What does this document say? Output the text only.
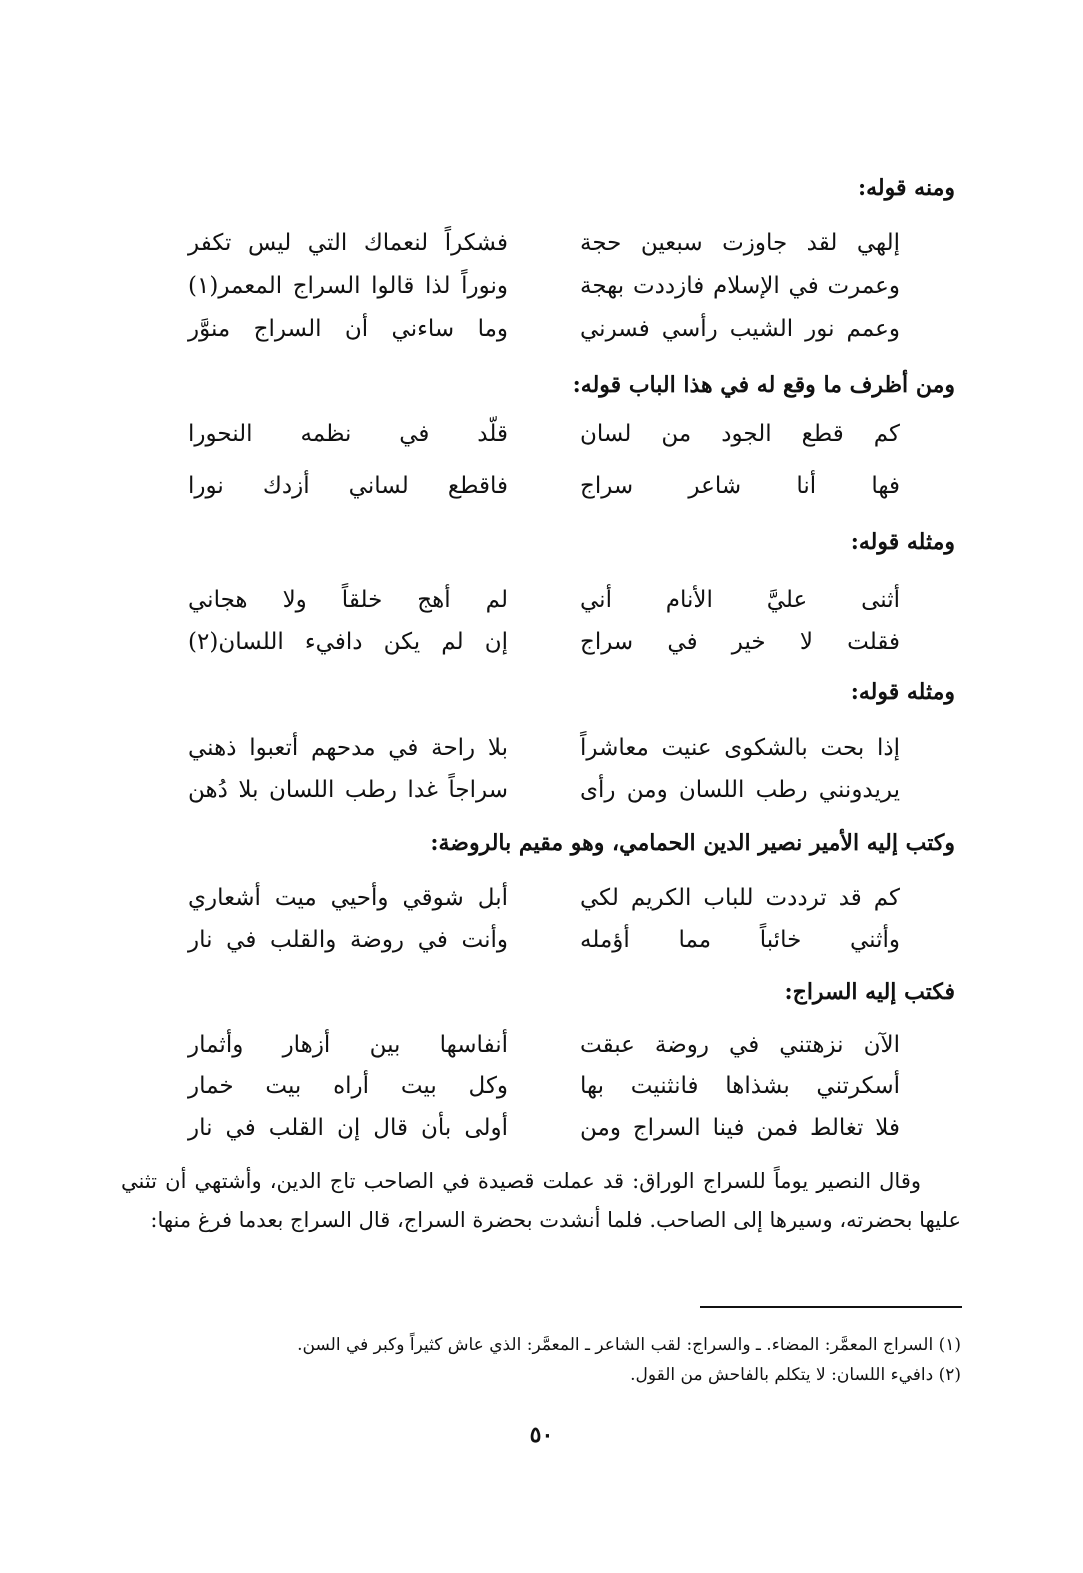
ومنه قوله:
إلهي لقد جاوزت سبعين حجة
فشكراً لنعماك التي ليس تكفر
وعمرت في الإسلام فازددت بهجة
ونوراً لذا قالوا السراج المعمر(١)
وعمم نور الشيب رأسي فسرني
وما ساءني أن السراج منوَّر
ومن أظرف ما وقع له في هذا الباب قوله:
كم قطع الجود من لسان
قلّد في نظمه النحورا
فها أنا شاعر سراج
فاقطع لساني أزدك نورا
ومثله قوله:
أثنى عليَّ الأنام أني
لم أهج خلقاً ولا هجاني
فقلت لا خير في سراج
إن لم يكن دافيء اللسان(٢)
ومثله قوله:
إذا بحت بالشكوى عنيت معاشراً
بلا راحة في مدحهم أتعبوا ذهني
يريدونني رطب اللسان ومن رأى
سراجاً غدا رطب اللسان بلا دُهن
وكتب إليه الأمير نصير الدين الحمامي، وهو مقيم بالروضة:
كم قد ترددت للباب الكريم لكي
أبل شوقي وأحيي ميت أشعاري
وأثني خائباً مما أؤمله
وأنت في روضة والقلب في نار
فكتب إليه السراج:
الآن نزهتني في روضة عبقت
أنفاسها بين أزهار وأثمار
أسكرتني بشذاها فانثنيت بها
وكل بيت أراه بيت خمار
فلا تغالط فمن فينا السراج ومن
أولى بأن قال إن القلب في نار
وقال النصير يوماً للسراج الوراق: قد عملت قصيدة في الصاحب تاج الدين، وأشتهي أن تثني عليها بحضرته، وسيرها إلى الصاحب. فلما أنشدت بحضرة السراج، قال السراج بعدما فرغ منها:
(١) السراج المعمَّر: المضاء. ـ والسراج: لقب الشاعر ـ المعمَّر: الذي عاش كثيراً وكبر في السن.
(٢) دافيء اللسان: لا يتكلم بالفاحش من القول.
٥٠
